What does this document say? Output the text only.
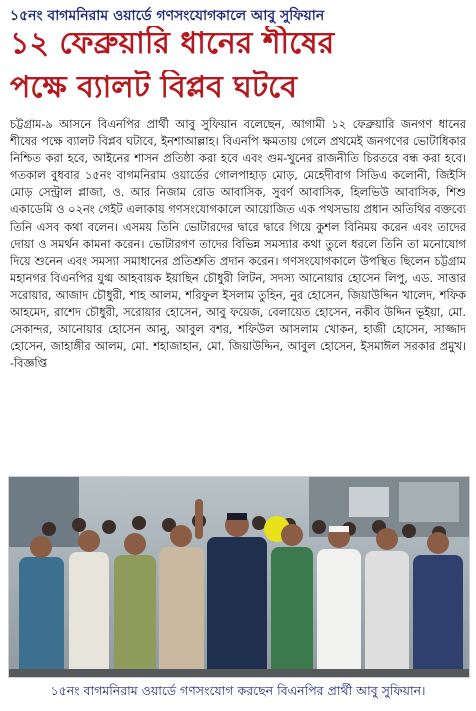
১৫নং বাগমনিরাম ওয়ার্ডে গণসংযোগকালে আবু সুফিয়ান
১২ ফেব্রুয়ারি ধানের শীষের
পক্ষে ব্যালট বিপ্লব ঘটবে

চট্টগ্রাম-৯ আসনে বিএনপির প্রার্থী আবু সুফিয়ান বলেছেন, আগামী ১২ ফেব্রুয়ারি জনগণ ধানের শীষের পক্ষে ব্যালট বিপ্লব ঘটাবে, ইনশাআল্লাহ। বিএনপি ক্ষমতায় গেলে প্রথমেই জনগণের ভোটাধিকার নিশ্চিত করা হবে, আইনের শাসন প্রতিষ্ঠা করা হবে এবং গুম-খুনের রাজনীতি চিরতরে বন্ধ করা হবে। গতকাল বুধবার ১৫নং বাগমনিরাম ওয়ার্ডের গোলপাহাড় মোড়, মেহেদীবাগ সিডিএ কলোনী, জিইসি মোড় সেন্ট্রাল প্লাজা, ও. আর নিজাম রোড আবাসিক, সুবর্ণ আবাসিক, হিলভিউ আবাসিক, শিশু একাডেমি ও ০২নং গেইট এলাকায় গণসংযোগকালে আয়োজিত এক পথসভায় প্রধান অতিথির বক্তব্যে তিনি এসব কথা বলেন। এসময় তিনি ভোটারদের দ্বারে দ্বারে গিয়ে কুশল বিনিময় করেন এবং তাদের দোয়া ও সমর্থন কামনা করেন। ভোটারগণ তাদের বিভিন্ন সমস্যার কথা তুলে ধরলে তিনি তা মনোযোগ দিয়ে শুনেন এবং সমস্যা সমাধানের প্রতিশ্রুতি প্রদান করেন। গণসংযোগকালে উপস্থিত ছিলেন চট্টগ্রাম মহানগর বিএনপির যুগ্ম আহবায়ক ইয়াছিন চৌধুরী লিটন, সদস্য আনোয়ার হোসেন লিপু, এড. সাত্তার সরোয়ার, আজাদ চৌধুরী, শাহ আলম, শরিফুল ইসলাম তুহিন, নুর হোসেন, জিয়াউদ্দিন খালেদ, শফিক আহমেদ, রাশেদ চৌধুরী, সরোয়ার হোসেন, আবু ফয়েজ, বেলায়েত হোসেন, নকীব উদ্দিন ভূইয়া, মো. সেকান্দর, আনোয়ার হোসেন আনু, আবুল বশর, শফিউল আসলাম খোকন, হাজী হোসেন, সাজ্জাদ হোসেন, জাহাঙ্গীর আলম, মো. শহাজাহান, মো. জিয়াউদ্দিন, আবুল হোসেন, ইসমাঈল সরকার প্রমুখ। -বিজ্ঞপ্তি

১৫নং বাগমনিরাম ওয়ার্ডে গণসংযোগ করছেন বিএনপির প্রার্থী আবু সুফিয়ান।
